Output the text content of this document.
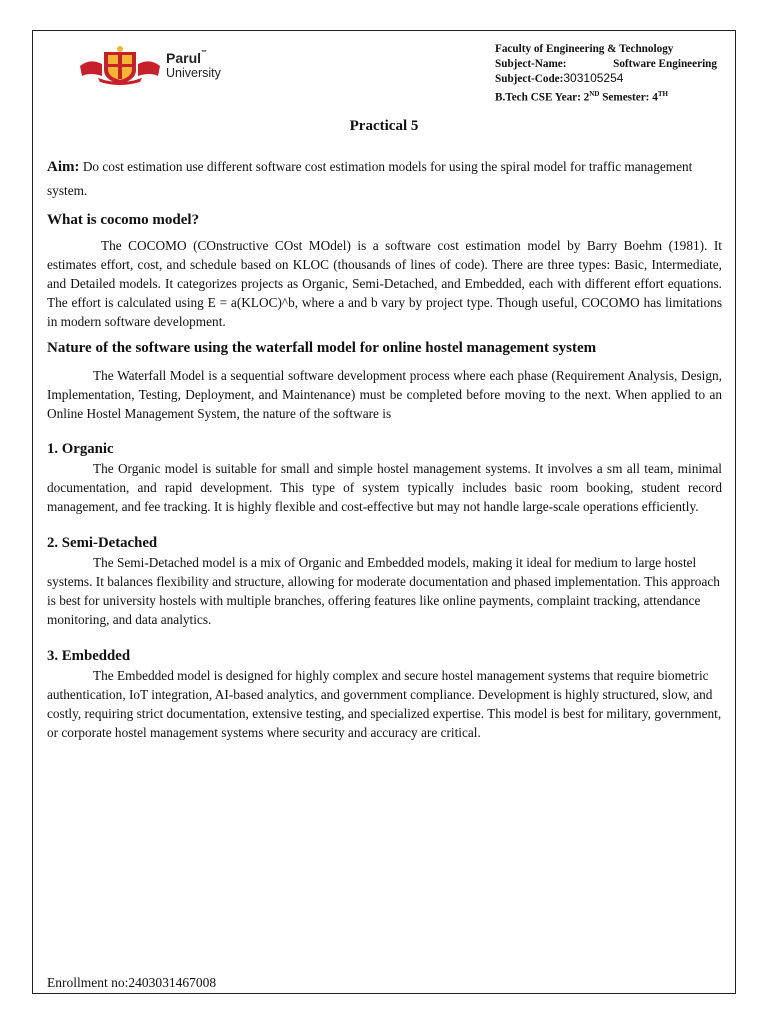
Parul™
University
Faculty of Engineering & Technology
Subject-Name:	Software Engineering
Subject-Code:303105254
B.Tech CSE Year: 2ND Semester: 4TH
Practical 5

Aim: Do cost estimation use different software cost estimation models for using the spiral model for traffic management system.

What is cocomo model?

The COCOMO (COnstructive COst MOdel) is a software cost estimation model by Barry Boehm (1981). It estimates effort, cost, and schedule based on KLOC (thousands of lines of code). There are three types: Basic, Intermediate, and Detailed models. It categorizes projects as Organic, Semi-Detached, and Embedded, each with different effort equations. The effort is calculated using E = a(KLOC)^b, where a and b vary by project type. Though useful, COCOMO has limitations in modern software development.

Nature of the software using the waterfall model for online hostel management system

The Waterfall Model is a sequential software development process where each phase (Requirement Analysis, Design, Implementation, Testing, Deployment, and Maintenance) must be completed before moving to the next. When applied to an Online Hostel Management System, the nature of the software is

1. Organic

The Organic model is suitable for small and simple hostel management systems. It involves a sm all team, minimal documentation, and rapid development. This type of system typically includes basic room booking, student record management, and fee tracking. It is highly flexible and cost-effective but may not handle large-scale operations efficiently.

2. Semi-Detached

The Semi-Detached model is a mix of Organic and Embedded models, making it ideal for medium to large hostel systems. It balances flexibility and structure, allowing for moderate documentation and phased implementation. This approach is best for university hostels with multiple branches, offering features like online payments, complaint tracking, attendance monitoring, and data analytics.

3. Embedded

The Embedded model is designed for highly complex and secure hostel management systems that require biometric authentication, IoT integration, AI-based analytics, and government compliance. Development is highly structured, slow, and costly, requiring strict documentation, extensive testing, and specialized expertise. This model is best for military, government, or corporate hostel management systems where security and accuracy are critical.

Enrollment no:2403031467008
